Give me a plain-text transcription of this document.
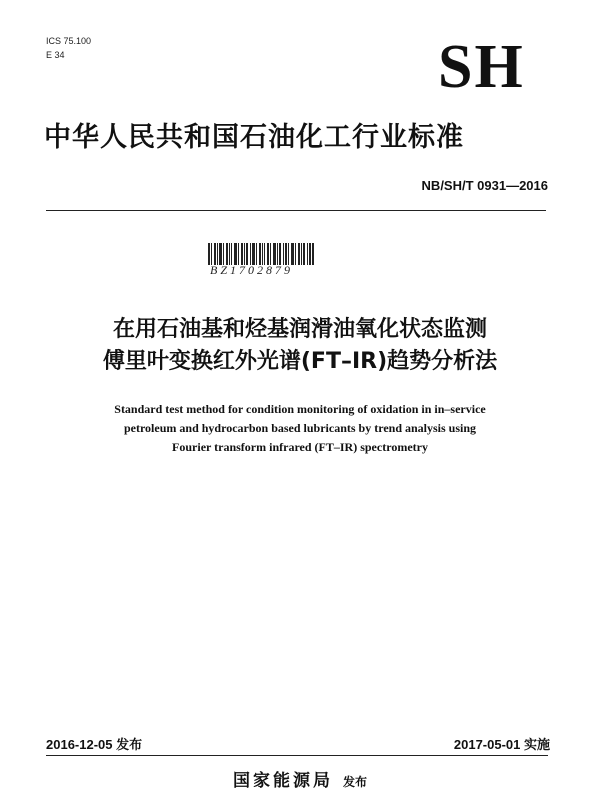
ICS 75.100
E 34	SH
中华人民共和国石油化工行业标准
NB/SH/T 0931—2016
BZ1702879
在用石油基和烃基润滑油氧化状态监测
傅里叶变换红外光谱(FT–IR)趋势分析法
Standard test method for condition monitoring of oxidation in in–service
petroleum and hydrocarbon based lubricants by trend analysis using
Fourier transform infrared (FT–IR) spectrometry
2016-12-05 发布	2017-05-01 实施
国家能源局 发布
